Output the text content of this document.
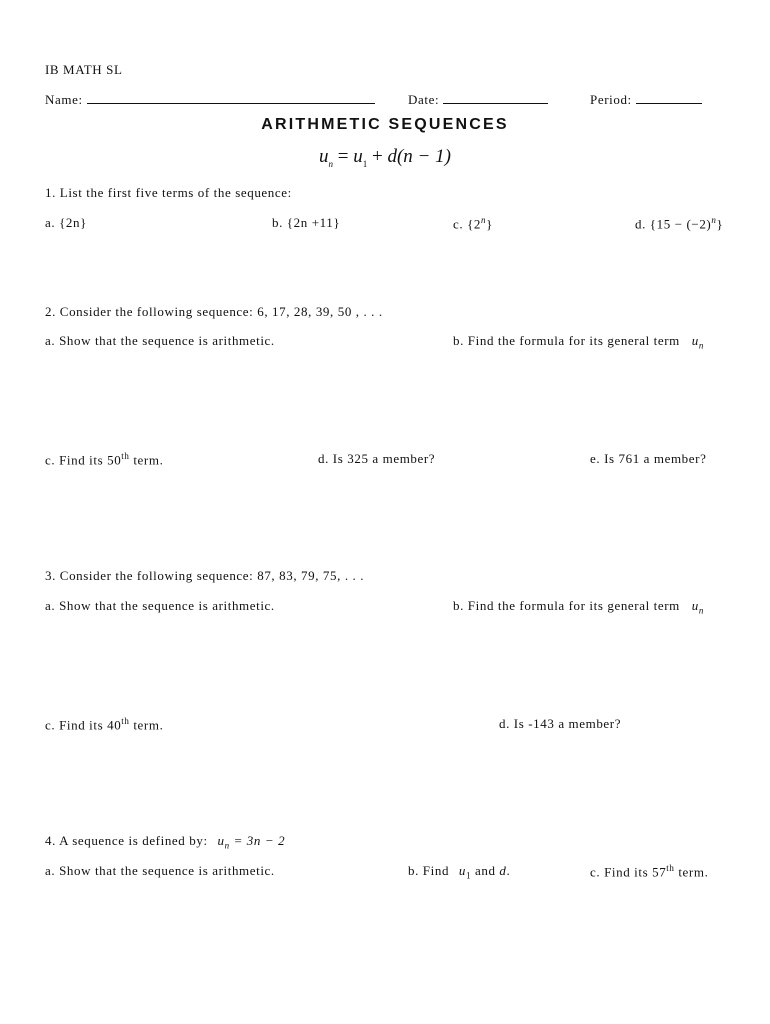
IB MATH SL
Name:	Date:	Period:
ARITHMETIC SEQUENCES
$u_n = u_1 + d(n - 1)$
1. List the first five terms of the sequence:
a. {2n}	b. {2n +11}	c. {2$^n$}	d. $\{15 - (-2)^n\}$
2. Consider the following sequence: 6, 17, 28, 39, 50 , . . .
a. Show that the sequence is arithmetic.	b. Find the formula for its general term $u_n$
c. Find its 50th term.	d. Is 325 a member?	e. Is 761 a member?
3. Consider the following sequence: 87, 83, 79, 75, . . .
a. Show that the sequence is arithmetic.	b. Find the formula for its general term $u_n$
c. Find its 40th term.	d. Is -143 a member?
4. A sequence is defined by: $u_n = 3n - 2$
a. Show that the sequence is arithmetic.	b. Find $u_1$ and d.	c. Find its 57th term.
